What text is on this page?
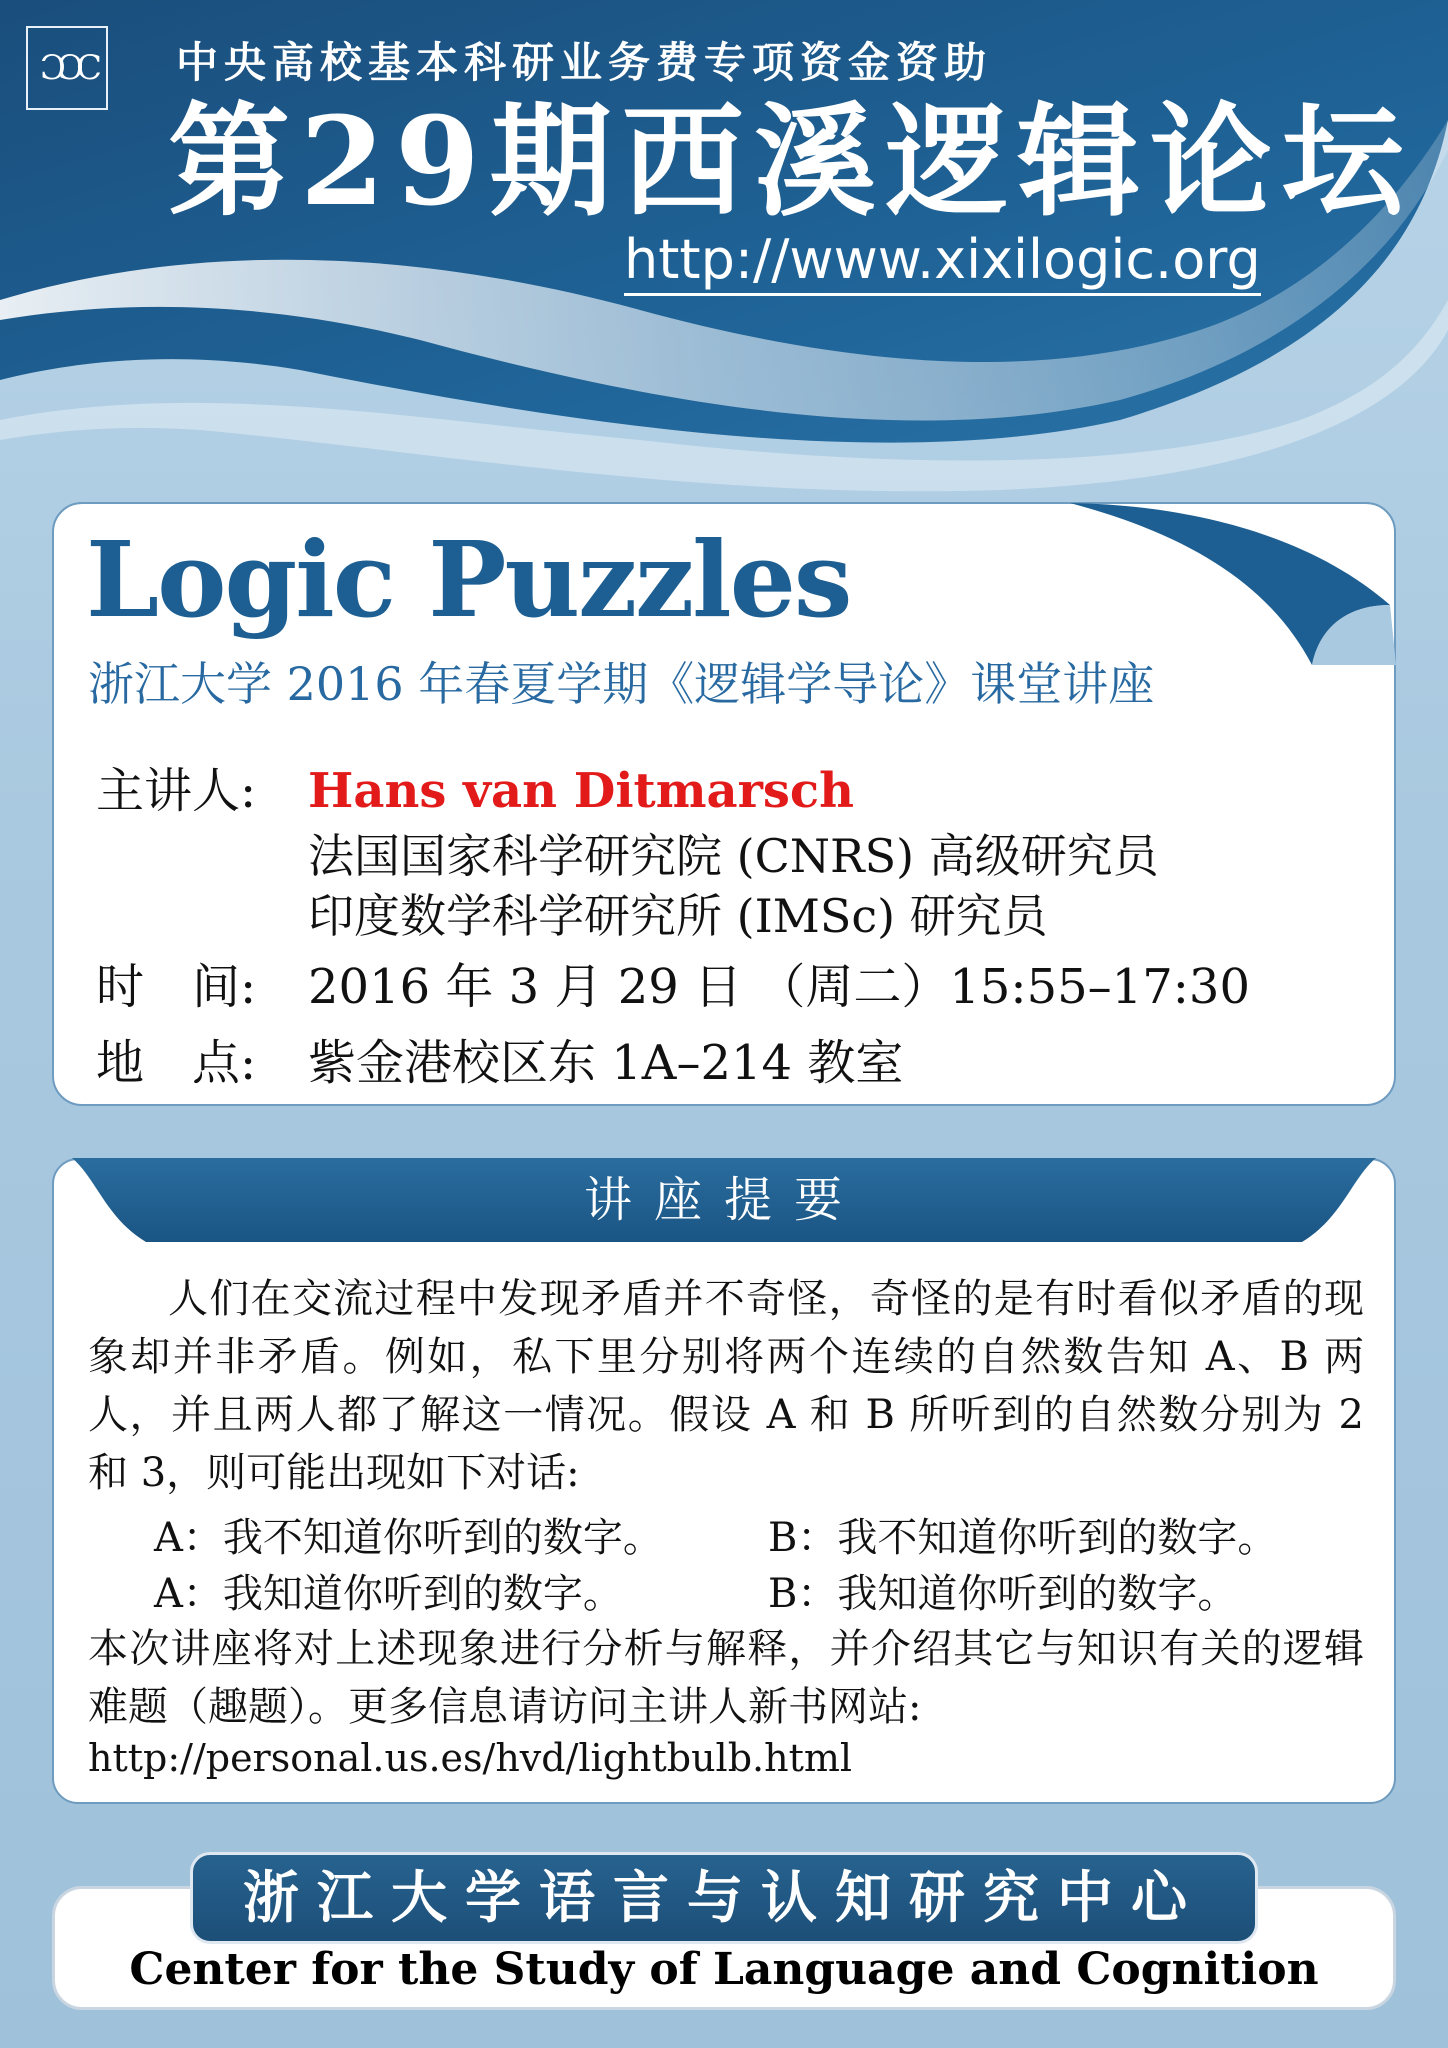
ƆƆC	中央高校基本科研业务费专项资金资助
第29期西溪逻辑论坛
http://www.xixilogic.org
Logic Puzzles
浙江大学 2016 年春夏学期《逻辑学导论》课堂讲座
主讲人: Hans van Ditmarsch
法国国家科学研究院 (CNRS) 高级研究员
印度数学科学研究所 (IMSc) 研究员
时　间: 2016 年 3 月 29 日 （周二）15:55–17:30
地　点: 紫金港校区东 1A–214 教室
讲座提要
人们在交流过程中发现矛盾并不奇怪，奇怪的是有时看似矛盾的现象却并非矛盾。例如，私下里分别将两个连续的自然数告知 A、B 两人，并且两人都了解这一情况。假设 A 和 B 所听到的自然数分别为 2 和 3，则可能出现如下对话:
A：我不知道你听到的数字。	B：我不知道你听到的数字。
A：我知道你听到的数字。	B：我知道你听到的数字。
本次讲座将对上述现象进行分析与解释，并介绍其它与知识有关的逻辑难题（趣题）。更多信息请访问主讲人新书网站:
http://personal.us.es/hvd/lightbulb.html
浙江大学语言与认知研究中心
Center for the Study of Language and Cognition
